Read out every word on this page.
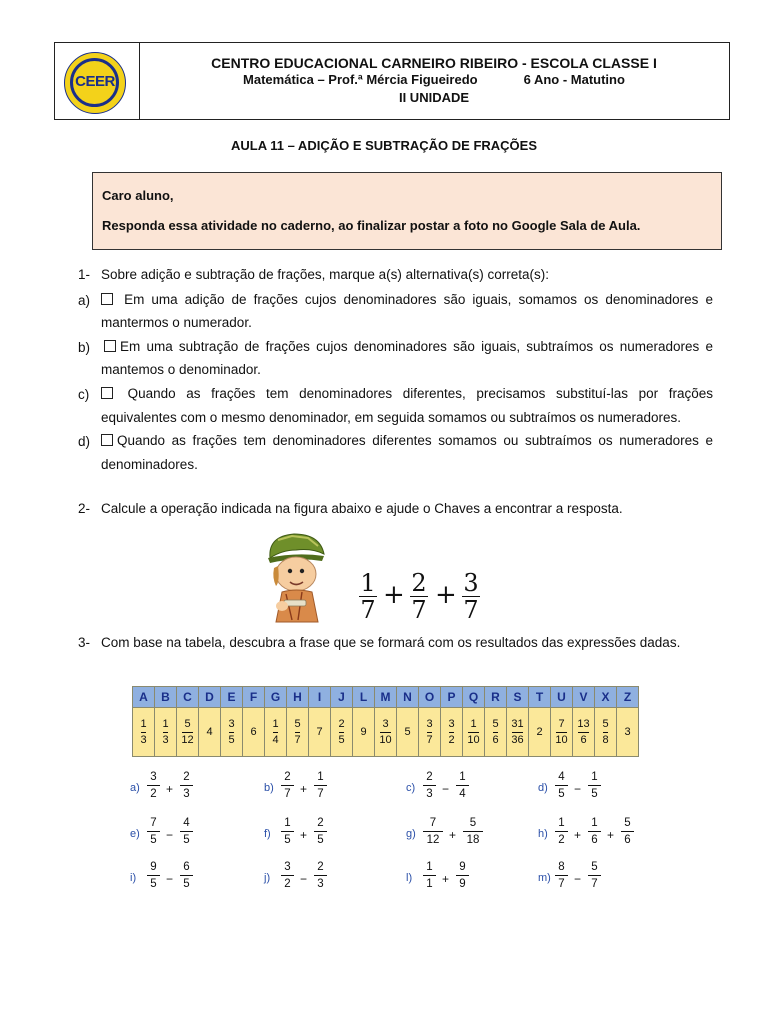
CEER
CENTRO EDUCACIONAL CARNEIRO RIBEIRO - ESCOLA CLASSE I
Matemática – Prof.ª Mércia Figueiredo	6 Ano - Matutino
II UNIDADE
AULA 11 – ADIÇÃO E SUBTRAÇÃO DE FRAÇÕES
Caro aluno,
Responda essa atividade no caderno, ao finalizar postar a foto no Google Sala de Aula.
1- Sobre adição e subtração de frações, marque a(s) alternativa(s) correta(s):
a)	Em uma adição de frações cujos denominadores são iguais, somamos os denominadores e
mantermos o numerador.
b)	Em uma subtração de frações cujos denominadores são iguais, subtraímos os numeradores e
mantemos o denominador.
c)	Quando as frações tem denominadores diferentes, precisamos substituí-las por frações
equivalentes com o mesmo denominador, em seguida somamos ou subtraímos os numeradores.
d)	Quando as frações tem denominadores diferentes somamos ou subtraímos os numeradores e
denominadores.
2- Calcule a operação indicada na figura abaixo e ajude o Chaves a encontrar a resposta.
1
7 + 2
7 + 3
7
3- Com base na tabela, descubra a frase que se formará com os resultados das expressões dadas.
A	B	C	D	E	F	G	H	I	J	L	M	N	O	P	Q	R	S	T	U	V	X	Z
$\frac{1}{3}$	$\frac{1}{3}$	$\frac{5}{12}$	4	$\frac{3}{5}$	6	$\frac{1}{4}$	$\frac{5}{7}$	7	$\frac{2}{5}$	9	$\frac{3}{10}$	5	$\frac{3}{7}$	$\frac{3}{2}$	$\frac{1}{10}$	$\frac{5}{6}$	$\frac{31}{36}$	2	$\frac{7}{10}$	$\frac{13}{6}$	$\frac{5}{8}$	3
a)
3
2 +
2
3	b)
2
7 +
1
7	c)
2
3 −
1
4	d)
4
5 −
1
5
e)
7
5 −
4
5	f)
1
5 +
2
5	g)
7
12 +
5
18	h)
1
2 +
1
6 +
5
6
i)
9
5 −
6
5	j)
3
2 −
2
3	l)
1
1 +
9
9	m)
8
7 −
5
7
